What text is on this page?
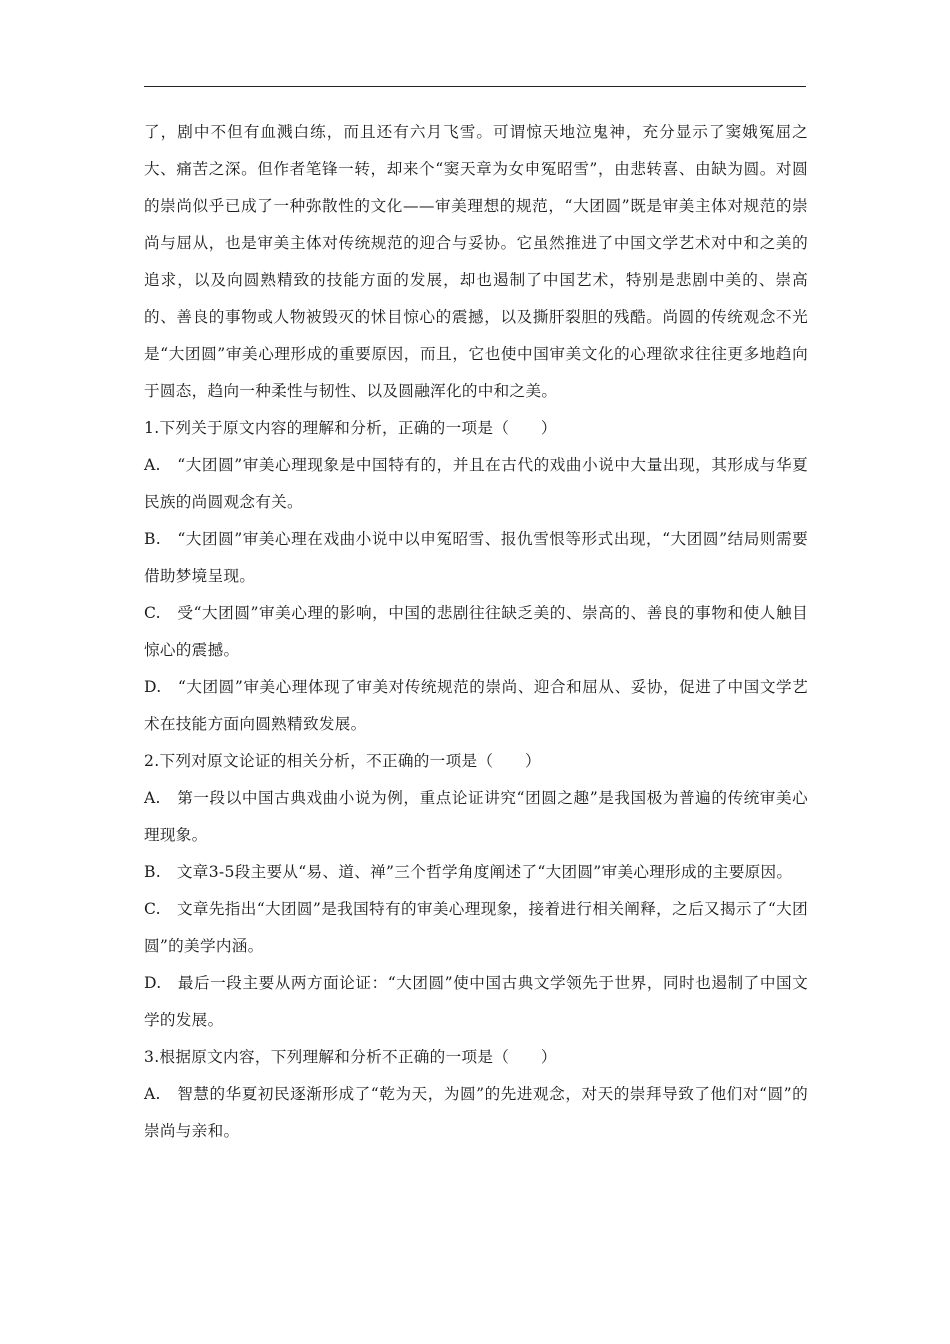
了，剧中不但有血溅白练，而且还有六月飞雪。可谓惊天地泣鬼神，充分显示了窦娥冤屈之大、痛苦之深。但作者笔锋一转，却来个“窦天章为女申冤昭雪”，由悲转喜、由缺为圆。对圆的崇尚似乎已成了一种弥散性的文化——审美理想的规范，“大团圆”既是审美主体对规范的崇尚与屈从，也是审美主体对传统规范的迎合与妥协。它虽然推进了中国文学艺术对中和之美的追求，以及向圆熟精致的技能方面的发展，却也遏制了中国艺术，特别是悲剧中美的、崇高的、善良的事物或人物被毁灭的怵目惊心的震撼，以及撕肝裂胆的残酷。尚圆的传统观念不光是“大团圆”审美心理形成的重要原因，而且，它也使中国审美文化的心理欲求往往更多地趋向于圆态，趋向一种柔性与韧性、以及圆融浑化的中和之美。

1.下列关于原文内容的理解和分析，正确的一项是（　　）

A.　“大团圆”审美心理现象是中国特有的，并且在古代的戏曲小说中大量出现，其形成与华夏民族的尚圆观念有关。

B.　“大团圆”审美心理在戏曲小说中以申冤昭雪、报仇雪恨等形式出现，“大团圆”结局则需要借助梦境呈现。

C.　受“大团圆”审美心理的影响，中国的悲剧往往缺乏美的、崇高的、善良的事物和使人触目惊心的震撼。

D.　“大团圆”审美心理体现了审美对传统规范的崇尚、迎合和屈从、妥协，促进了中国文学艺术在技能方面向圆熟精致发展。

2.下列对原文论证的相关分析，不正确的一项是（　　）

A.　第一段以中国古典戏曲小说为例，重点论证讲究“团圆之趣”是我国极为普遍的传统审美心理现象。

B.　文章3-5段主要从“易、道、禅”三个哲学角度阐述了“大团圆”审美心理形成的主要原因。

C.　文章先指出“大团圆”是我国特有的审美心理现象，接着进行相关阐释，之后又揭示了“大团圆”的美学内涵。

D.　最后一段主要从两方面论证：“大团圆”使中国古典文学领先于世界，同时也遏制了中国文学的发展。

3.根据原文内容，下列理解和分析不正确的一项是（　　）

A.　智慧的华夏初民逐渐形成了“乾为天，为圆”的先进观念，对天的崇拜导致了他们对“圆”的崇尚与亲和。
